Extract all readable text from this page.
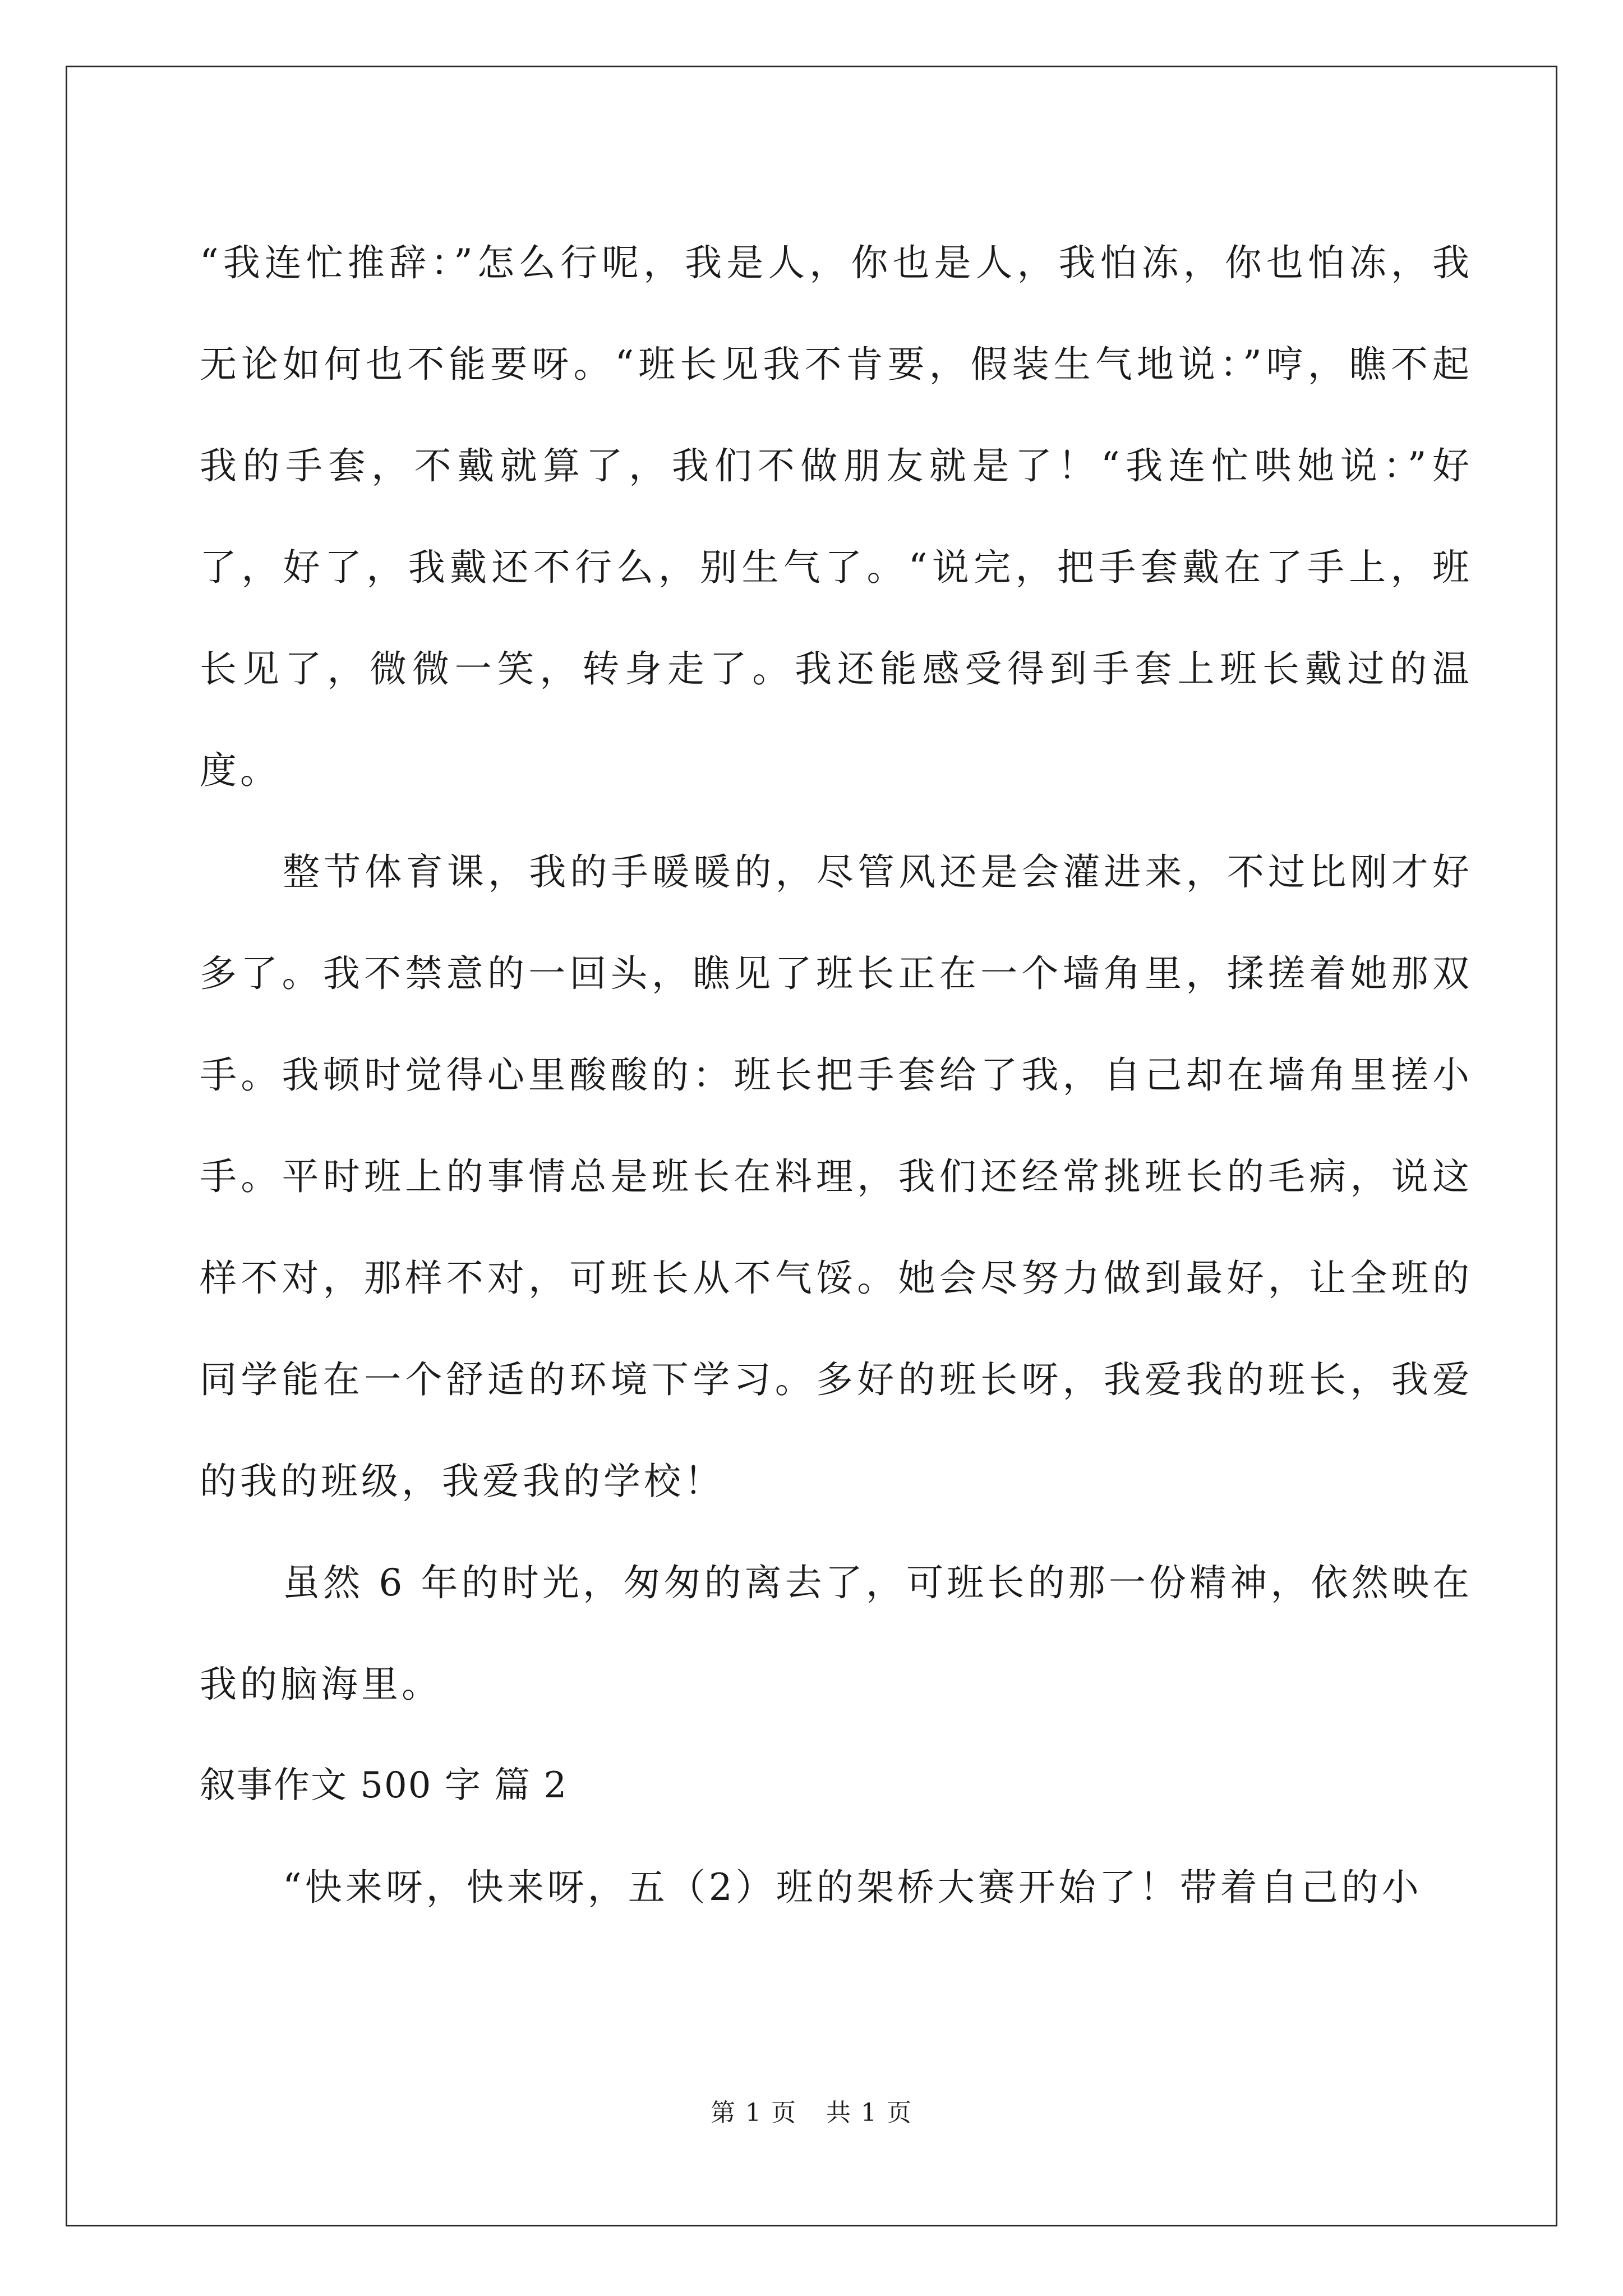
“我连忙推辞：”怎么行呢，我是人，你也是人，我怕冻，你也怕冻，我无论如何也不能要呀。“班长见我不肯要，假装生气地说：”哼，瞧不起我的手套，不戴就算了，我们不做朋友就是了！“我连忙哄她说：”好了，好了，我戴还不行么，别生气了。“说完，把手套戴在了手上，班长见了，微微一笑，转身走了。我还能感受得到手套上班长戴过的温度。

整节体育课，我的手暖暖的，尽管风还是会灌进来，不过比刚才好多了。我不禁意的一回头，瞧见了班长正在一个墙角里，揉搓着她那双手。我顿时觉得心里酸酸的：班长把手套给了我，自己却在墙角里搓小手。平时班上的事情总是班长在料理，我们还经常挑班长的毛病，说这样不对，那样不对，可班长从不气馁。她会尽努力做到最好，让全班的同学能在一个舒适的环境下学习。多好的班长呀，我爱我的班长，我爱的我的班级，我爱我的学校！

虽然 6 年的时光，匆匆的离去了，可班长的那一份精神，依然映在我的脑海里。

叙事作文 500 字 篇 2

“快来呀，快来呀，五（2）班的架桥大赛开始了！带着自己的小

第 1 页 共 1 页
